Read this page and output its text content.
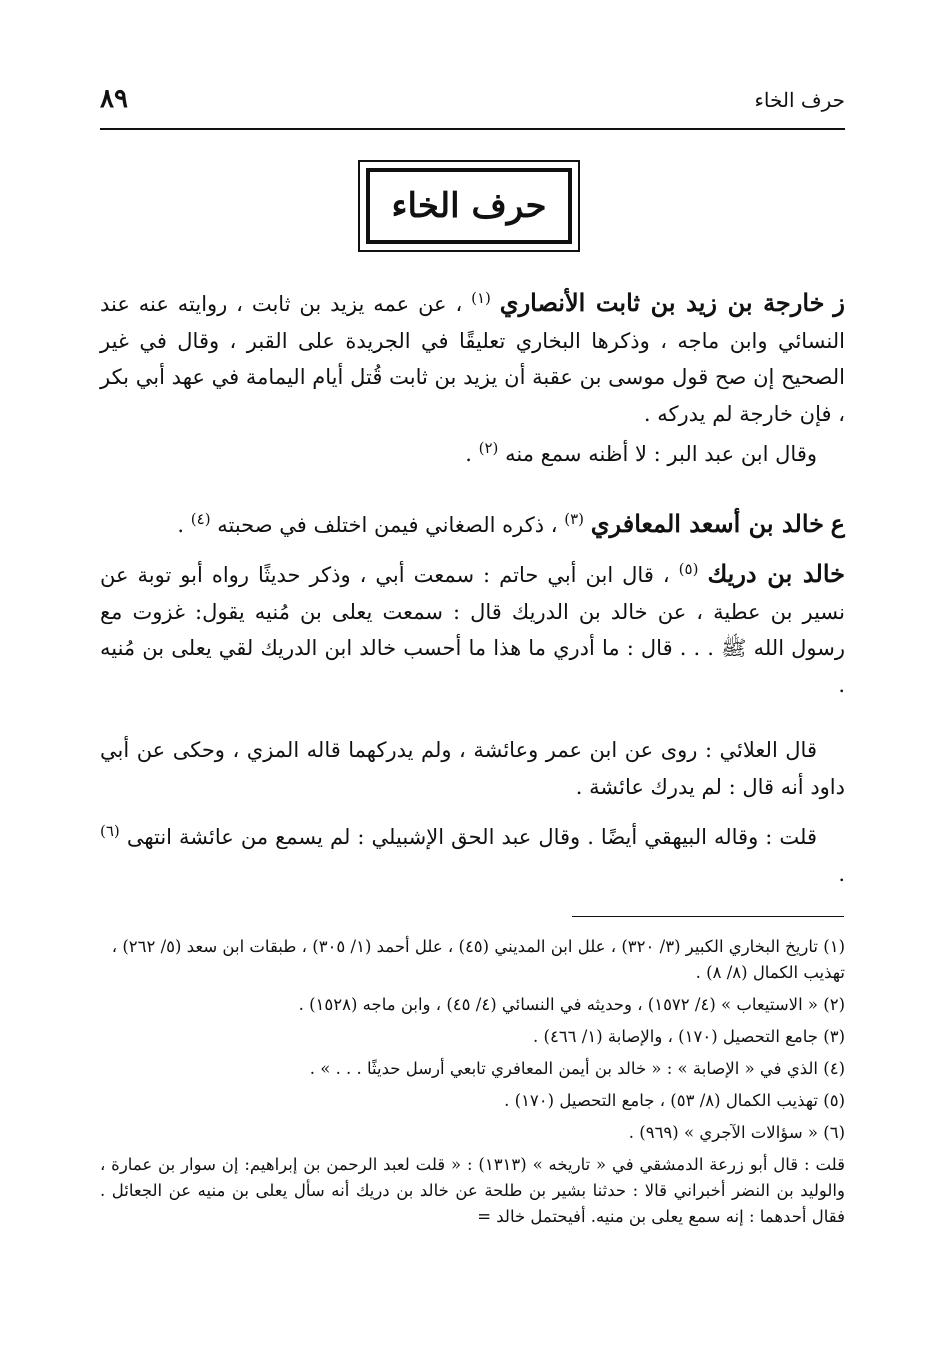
٨٩	حرف الخاء
حرف الخاء

ز خارجة بن زيد بن ثابت الأنصاري $^{(١)}$ ، عن عمه يزيد بن ثابت ، روايته عنه عند النسائي وابن ماجه ، وذكرها البخاري تعليقًا في الجريدة على القبر ، وقال في غير الصحيح إن صح قول موسى بن عقبة أن يزيد بن ثابت قُتل أيام اليمامة في عهد أبي بكر ، فإن خارجة لم يدركه .

وقال ابن عبد البر : لا أظنه سمع منه $^{(٢)}$ .

ع خالد بن أسعد المعافري $^{(٣)}$ ، ذكره الصغاني فيمن اختلف في صحبته $^{(٤)}$ .

خالد بن دريك $^{(٥)}$ ، قال ابن أبي حاتم : سمعت أبي ، وذكر حديثًا رواه أبو توبة عن نسير بن عطية ، عن خالد بن الدريك قال : سمعت يعلى بن مُنيه يقول: غزوت مع رسول الله ﷺ . . . قال : ما أدري ما هذا ما أحسب خالد ابن الدريك لقي يعلى بن مُنيه .

قال العلائي : روى عن ابن عمر وعائشة ، ولم يدركهما قاله المزي ، وحكى عن أبي داود أنه قال : لم يدرك عائشة .

قلت : وقاله البيهقي أيضًا . وقال عبد الحق الإشبيلي : لم يسمع من عائشة انتهى $^{(٦)}$ .

(١) تاريخ البخاري الكبير (٣/ ٣٢٠) ، علل ابن المديني (٤٥) ، علل أحمد (١/ ٣٠٥) ، طبقات ابن سعد (٥/ ٢٦٢) ، تهذيب الكمال (٨/ ٨) .

(٢) « الاستيعاب » (٤/ ١٥٧٢) ، وحديثه في النسائي (٤/ ٤٥) ، وابن ماجه (١٥٢٨) .

(٣) جامع التحصيل (١٧٠) ، والإصابة (١/ ٤٦٦) .

(٤) الذي في « الإصابة » : « خالد بن أيمن المعافري تابعي أرسل حديثًا . . . » .

(٥) تهذيب الكمال (٨/ ٥٣) ، جامع التحصيل (١٧٠) .

(٦) « سؤالات الآجري » (٩٦٩) .

قلت : قال أبو زرعة الدمشقي في « تاريخه » (١٣١٣) : « قلت لعبد الرحمن بن إبراهيم: إن سوار بن عمارة ، والوليد بن النضر أخبراني قالا : حدثنا بشير بن طلحة عن خالد بن دريك أنه سأل يعلى بن منيه عن الجعائل . فقال أحدهما : إنه سمع يعلى بن منيه. أفيحتمل خالد =
